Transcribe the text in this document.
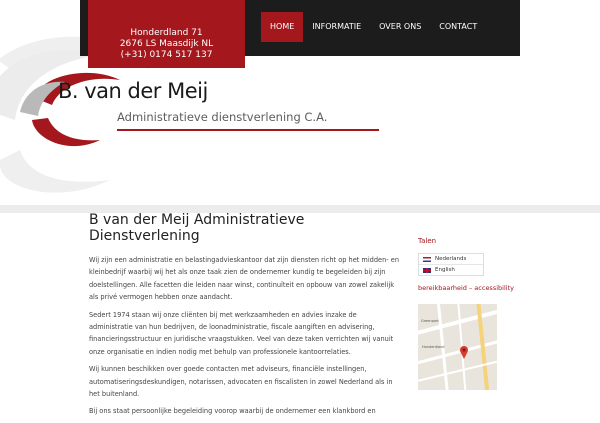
Honderdland 71
2676 LS Maasdijk NL
(+31) 0174 517 137
HOME	INFORMATIE	OVER ONS	CONTACT
B. van der Meij
Administratieve dienstverlening C.A.
B van der Meij Administratieve Dienstverlening

Wij zijn een administratie en belastingadvieskantoor dat zijn diensten richt op het midden- en kleinbedrijf waarbij wij het als onze taak zien de ondernemer kundig te begeleiden bij zijn doelstellingen. Alle facetten die leiden naar winst, continuïteit en opbouw van zowel zakelijk als privé vermogen hebben onze aandacht.

Sedert 1974 staan wij onze cliënten bij met werkzaamheden en advies inzake de administratie van hun bedrijven, de loonadministratie, fiscale aangiften en advisering, financieringsstructuur en juridische vraagstukken. Veel van deze taken verrichten wij vanuit onze organisatie en indien nodig met behulp van professionele kantoorrelaties.

Wij kunnen beschikken over goede contacten met adviseurs, financiële instellingen, automatiseringsdeskundigen, notarissen, advocaten en fiscalisten in zowel Nederland als in het buitenland.

Bij ons staat persoonlijke begeleiding voorop waarbij de ondernemer een klankbord en

Talen
Nederlands
English
bereikbaarheid – accessibility
Greenport
Honderdland
